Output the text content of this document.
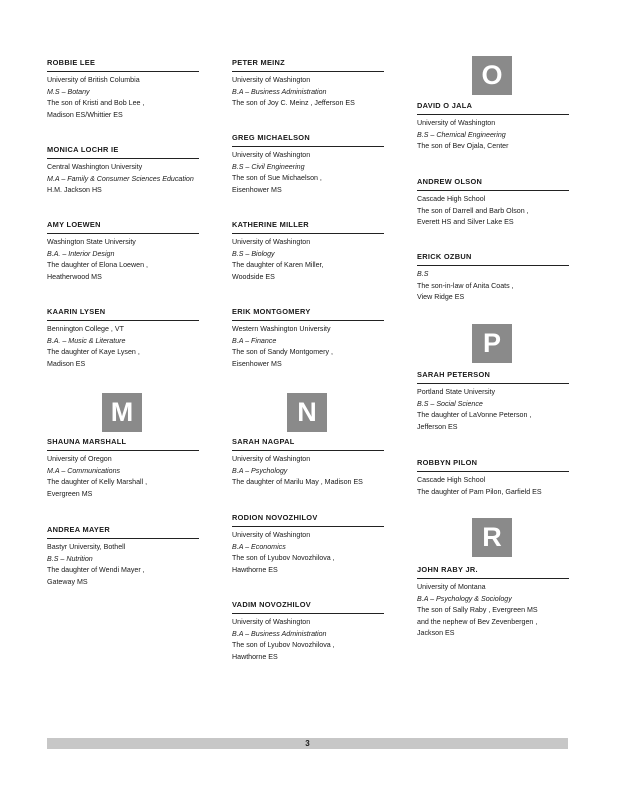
ROBBIE LEE
University of British Columbia
M.S – Botany
The son of Kristi and Bob Lee ,
Madison ES/Whittier ES
MONICA LOCHR IE
Central Washington University
M.A – Family & Consumer Sciences Education
H.M. Jackson HS
AMY LOEWEN
Washington State University
B.A. – Interior Design
The daughter of Elona Loewen ,
Heatherwood MS
KAARIN LYSEN
Bennington College , VT
B.A. – Music & Literature
The daughter of Kaye Lysen ,
Madison ES
M
SHAUNA MARSHALL
University of Oregon
M.A – Communications
The daughter of Kelly Marshall ,
Evergreen MS
ANDREA MAYER
Bastyr University, Bothell
B.S – Nutrition
The daughter of Wendi Mayer ,
Gateway MS
PETER MEINZ
University of Washington
B.A – Business Administration
The son of Joy C. Meinz , Jefferson ES
GREG MICHAELSON
University of Washington
B.S – Civil Engineering
The son of Sue Michaelson ,
Eisenhower MS
KATHERINE MILLER
University of Washington
B.S – Biology
The daughter of Karen Miller,
Woodside ES
ERIK MONTGOMERY
Western Washington University
B.A – Finance
The son of Sandy Montgomery ,
Eisenhower MS
N
SARAH NAGPAL
University of Washington
B.A – Psychology
The daughter of Marilu May , Madison ES
RODION NOVOZHILOV
University of Washington
B.A – Economics
The son of Lyubov Novozhilova ,
Hawthorne ES
VADIM NOVOZHILOV
University of Washington
B.A – Business Administration
The son of Lyubov Novozhilova ,
Hawthorne ES
O
DAVID O JALA
University of Washington
B.S – Chemical Engineering
The son of Bev Ojala, Center
ANDREW OLSON
Cascade High School
The son of Darrell and Barb Olson ,
Everett HS and Silver Lake ES
ERICK OZBUN
B.S
The son-in-law of Anita Coats ,
View Ridge ES
P
SARAH PETERSON
Portland State University
B.S – Social Science
The daughter of LaVonne Peterson ,
Jefferson ES
ROBBYN PILON
Cascade High School
The daughter of Pam Pilon, Garfield ES
R
JOHN RABY JR.
University of Montana
B.A – Psychology & Sociology
The son of Sally Raby , Evergreen MS
and the nephew of Bev Zevenbergen ,
Jackson ES
3
